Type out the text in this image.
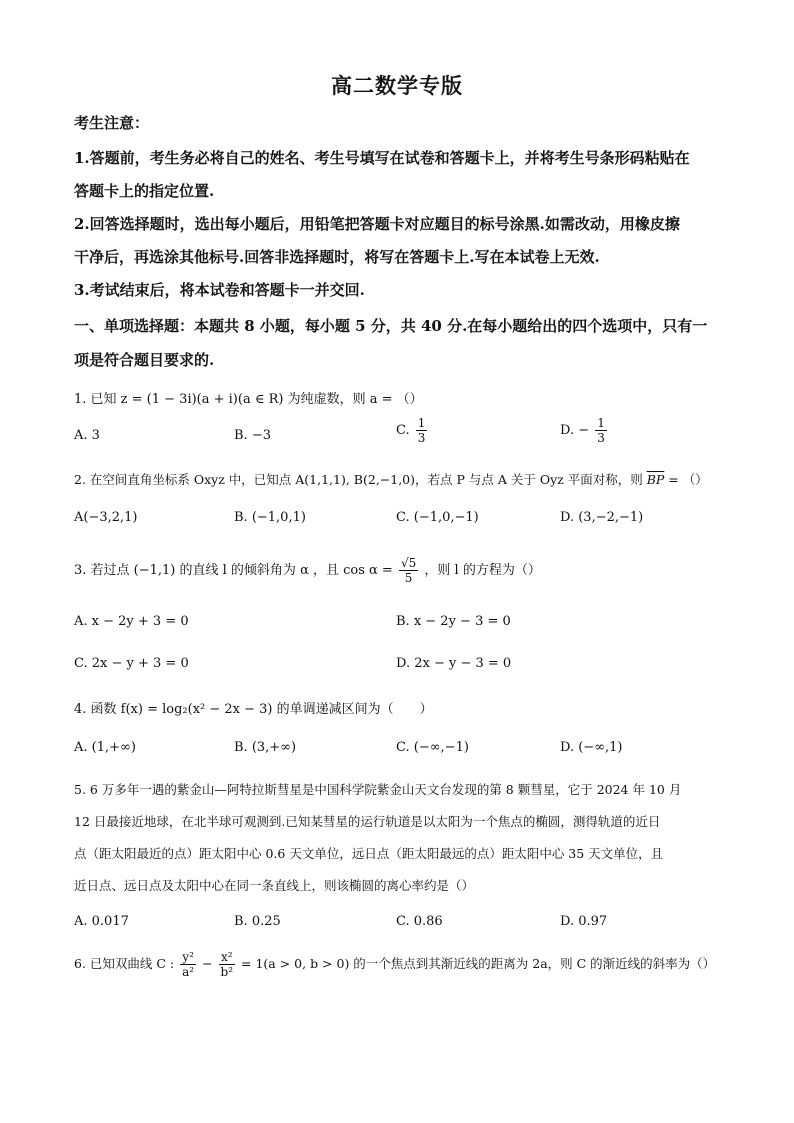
高二数学专版
考生注意：
1.答题前，考生务必将自己的姓名、考生号填写在试卷和答题卡上，并将考生号条形码粘贴在
答题卡上的指定位置.
2.回答选择题时，选出每小题后，用铅笔把答题卡对应题目的标号涂黑.如需改动，用橡皮擦
干净后，再选涂其他标号.回答非选择题时，将写在答题卡上.写在本试卷上无效.
3.考试结束后，将本试卷和答题卡一并交回.
一、单项选择题：本题共 8 小题，每小题 5 分，共 40 分.在每小题给出的四个选项中，只有一
项是符合题目要求的.
1. 已知 z = (1 − 3i)(a + i)(a ∈ R) 为纯虚数，则 a = （）
A. 3	B. −3	C. $\frac{1}{3}$	D. − $\frac{1}{3}$
2. 在空间直角坐标系 Oxyz 中，已知点 A(1,1,1), B(2,−1,0)，若点 P 与点 A 关于 Oyz 平面对称，则 $\overline{BP}$ = （）
A(−3,2,1)	B. (−1,0,1)	C. (−1,0,−1)	D. (3,−2,−1)
3. 若过点 (−1,1) 的直线 l 的倾斜角为 α ，且 $\cos \alpha = \frac{√5}{5}$ ，则 l 的方程为（）
A. x − 2y + 3 = 0	B. x − 2y − 3 = 0
C. 2x − y + 3 = 0	D. 2x − y − 3 = 0
4. 函数 f(x) = log₂(x² − 2x − 3) 的单调递减区间为（　　）
A. (1,+∞)	B. (3,+∞)	C. (−∞,−1)	D. (−∞,1)
5. 6 万多年一遇的紫金山—阿特拉斯彗星是中国科学院紫金山天文台发现的第 8 颗彗星，它于 2024 年 10 月
12 日最接近地球，在北半球可观测到.已知某彗星的运行轨道是以太阳为一个焦点的椭圆，测得轨道的近日
点（距太阳最近的点）距太阳中心 0.6 天文单位，远日点（距太阳最远的点）距太阳中心 35 天文单位，且
近日点、远日点及太阳中心在同一条直线上，则该椭圆的离心率约是（）
A. 0.017	B. 0.25	C. 0.86	D. 0.97
6. 已知双曲线 C : $\frac{\text{y²}}{\text{a²}} - \frac{\text{x²}}{\text{b²}} = 1(a > 0$, b > 0) 的一个焦点到其渐近线的距离为 2a，则 C 的渐近线的斜率为（）
